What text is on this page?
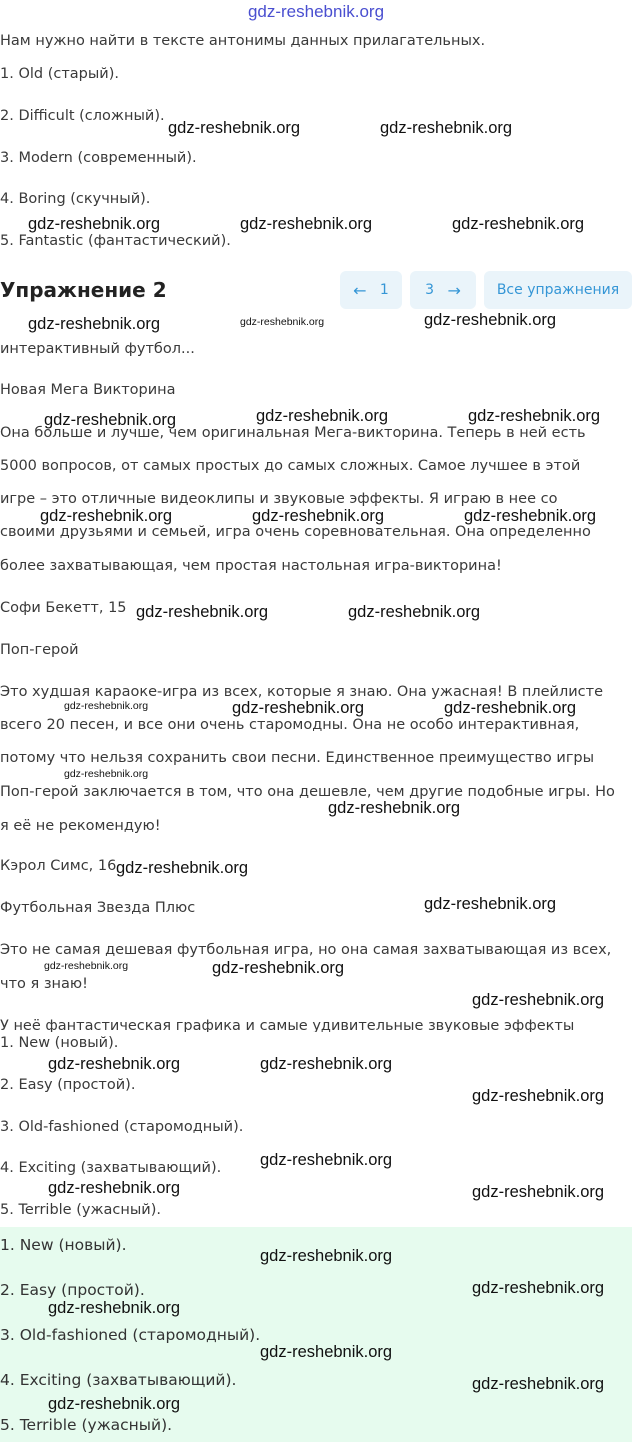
gdz-reshebnik.org
Нам нужно найти в тексте антонимы данных прилагательных.
1. Old (старый).
2. Difficult (сложный).
3. Modern (современный).
4. Boring (скучный).
5. Fantastic (фантастический).
Упражнение 2	←
1	3
→	Все упражнения
интерактивный футбол...
Новая Мега Викторина
Она больше и лучше, чем оригинальная Мега-викторина. Теперь в ней есть
5000 вопросов, от самых простых до самых сложных. Самое лучшее в этой
игре – это отличные видеоклипы и звуковые эффекты. Я играю в нее со
своими друзьями и семьей, игра очень соревновательная. Она определенно
более захватывающая, чем простая настольная игра-викторина!
Софи Бекетт, 15
Поп-герой
Это худшая караоке-игра из всех, которые я знаю. Она ужасная! В плейлисте
всего 20 песен, и все они очень старомодны. Она не особо интерактивная,
потому что нельзя сохранить свои песни. Единственное преимущество игры
Поп-герой заключается в том, что она дешевле, чем другие подобные игры. Но
я её не рекомендую!
Кэрол Симс, 16
Футбольная Звезда Плюс
Это не самая дешевая футбольная игра, но она самая захватывающая из всех,
что я знаю!
У неё фантастическая графика и самые удивительные звуковые эффекты
1. New (новый).
2. Easy (простой).
3. Old-fashioned (старомодный).
4. Exciting (захватывающий).
5. Terrible (ужасный).
1. New (новый).
2. Easy (простой).
3. Old-fashioned (старомодный).
4. Exciting (захватывающий).
5. Terrible (ужасный).
gdz-reshebnik.org	gdz-reshebnik.org
gdz-reshebnik.org	gdz-reshebnik.org	gdz-reshebnik.org
gdz-reshebnik.org	gdz-reshebnik.org	gdz-reshebnik.org
gdz-reshebnik.org	gdz-reshebnik.org	gdz-reshebnik.org
gdz-reshebnik.org	gdz-reshebnik.org	gdz-reshebnik.org
gdz-reshebnik.org	gdz-reshebnik.org
gdz-reshebnik.org	gdz-reshebnik.org	gdz-reshebnik.org
gdz-reshebnik.org
gdz-reshebnik.org
gdz-reshebnik.org
gdz-reshebnik.org
gdz-reshebnik.org	gdz-reshebnik.org
gdz-reshebnik.org
gdz-reshebnik.org	gdz-reshebnik.org
gdz-reshebnik.org
gdz-reshebnik.org
gdz-reshebnik.org	gdz-reshebnik.org
gdz-reshebnik.org
gdz-reshebnik.org
gdz-reshebnik.org
gdz-reshebnik.org
gdz-reshebnik.org
gdz-reshebnik.org
